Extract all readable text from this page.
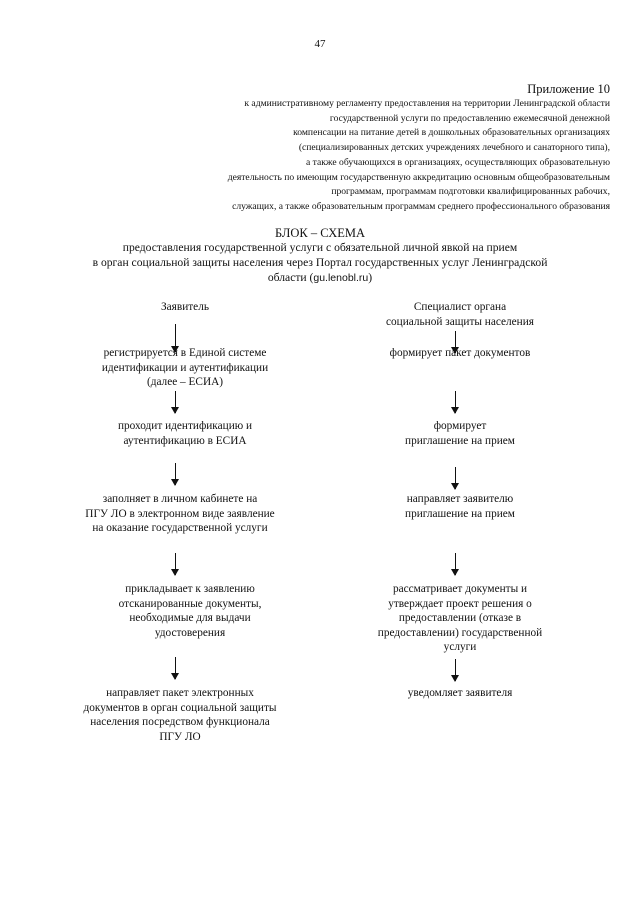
47
Приложение 10
к административному регламенту предоставления на территории Ленинградской области
государственной услуги по предоставлению ежемесячной денежной
компенсации на питание детей в дошкольных образовательных организациях
(специализированных детских учреждениях лечебного и санаторного типа),
а также обучающихся в организациях, осуществляющих образовательную
деятельность по имеющим государственную аккредитацию основным общеобразовательным
программам, программам подготовки квалифицированных рабочих,
служащих, а также образовательным программам среднего профессионального образования
БЛОК – СХЕМА
предоставления государственной услуги с обязательной личной явкой на прием
в орган социальной защиты населения через Портал государственных услуг Ленинградской
области (gu.lenobl.ru)
Заявитель
регистрируется в Единой системе
идентификации и аутентификации
(далее – ЕСИА)
проходит идентификацию и
аутентификацию в ЕСИА
заполняет в личном кабинете на
ПГУ ЛО в электронном виде заявление
на оказание государственной услуги
прикладывает к заявлению
отсканированные документы,
необходимые для выдачи
удостоверения
направляет пакет электронных
документов в орган социальной защиты
населения посредством функционала
ПГУ ЛО
Специалист органа
социальной защиты населения
формирует пакет документов
формирует
приглашение на прием
направляет заявителю
приглашение на прием
рассматривает документы и
утверждает проект решения о
предоставлении (отказе в
предоставлении) государственной
услуги
уведомляет заявителя
